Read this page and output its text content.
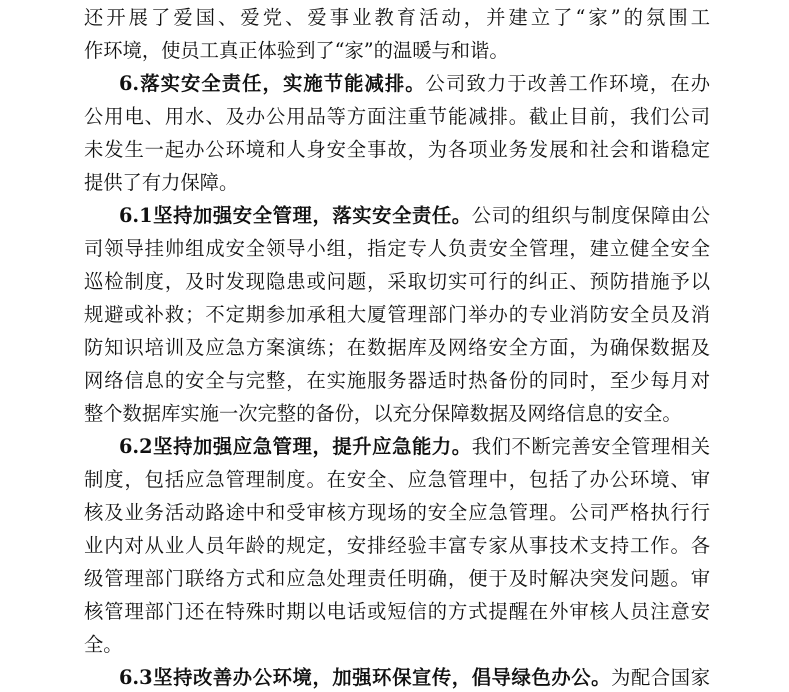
还开展了爱国、爱党、爱事业教育活动，并建立了“家”的氛围工
作环境，使员工真正体验到了“家”的温暖与和谐。
6.落实安全责任，实施节能减排。公司致力于改善工作环境，在办
公用电、用水、及办公用品等方面注重节能减排。截止目前，我们公司
未发生一起办公环境和人身安全事故，为各项业务发展和社会和谐稳定
提供了有力保障。
6.1坚持加强安全管理，落实安全责任。公司的组织与制度保障由公
司领导挂帅组成安全领导小组，指定专人负责安全管理，建立健全安全
巡检制度，及时发现隐患或问题，采取切实可行的纠正、预防措施予以
规避或补救；不定期参加承租大厦管理部门举办的专业消防安全员及消
防知识培训及应急方案演练；在数据库及网络安全方面，为确保数据及
网络信息的安全与完整，在实施服务器适时热备份的同时，至少每月对
整个数据库实施一次完整的备份，以充分保障数据及网络信息的安全。
6.2坚持加强应急管理，提升应急能力。我们不断完善安全管理相关
制度，包括应急管理制度。在安全、应急管理中，包括了办公环境、审
核及业务活动路途中和受审核方现场的安全应急管理。公司严格执行行
业内对从业人员年龄的规定，安排经验丰富专家从事技术支持工作。各
级管理部门联络方式和应急处理责任明确，便于及时解决突发问题。审
核管理部门还在特殊时期以电话或短信的方式提醒在外审核人员注意安
全。
6.3坚持改善办公环境，加强环保宣传，倡导绿色办公。为配合国家
